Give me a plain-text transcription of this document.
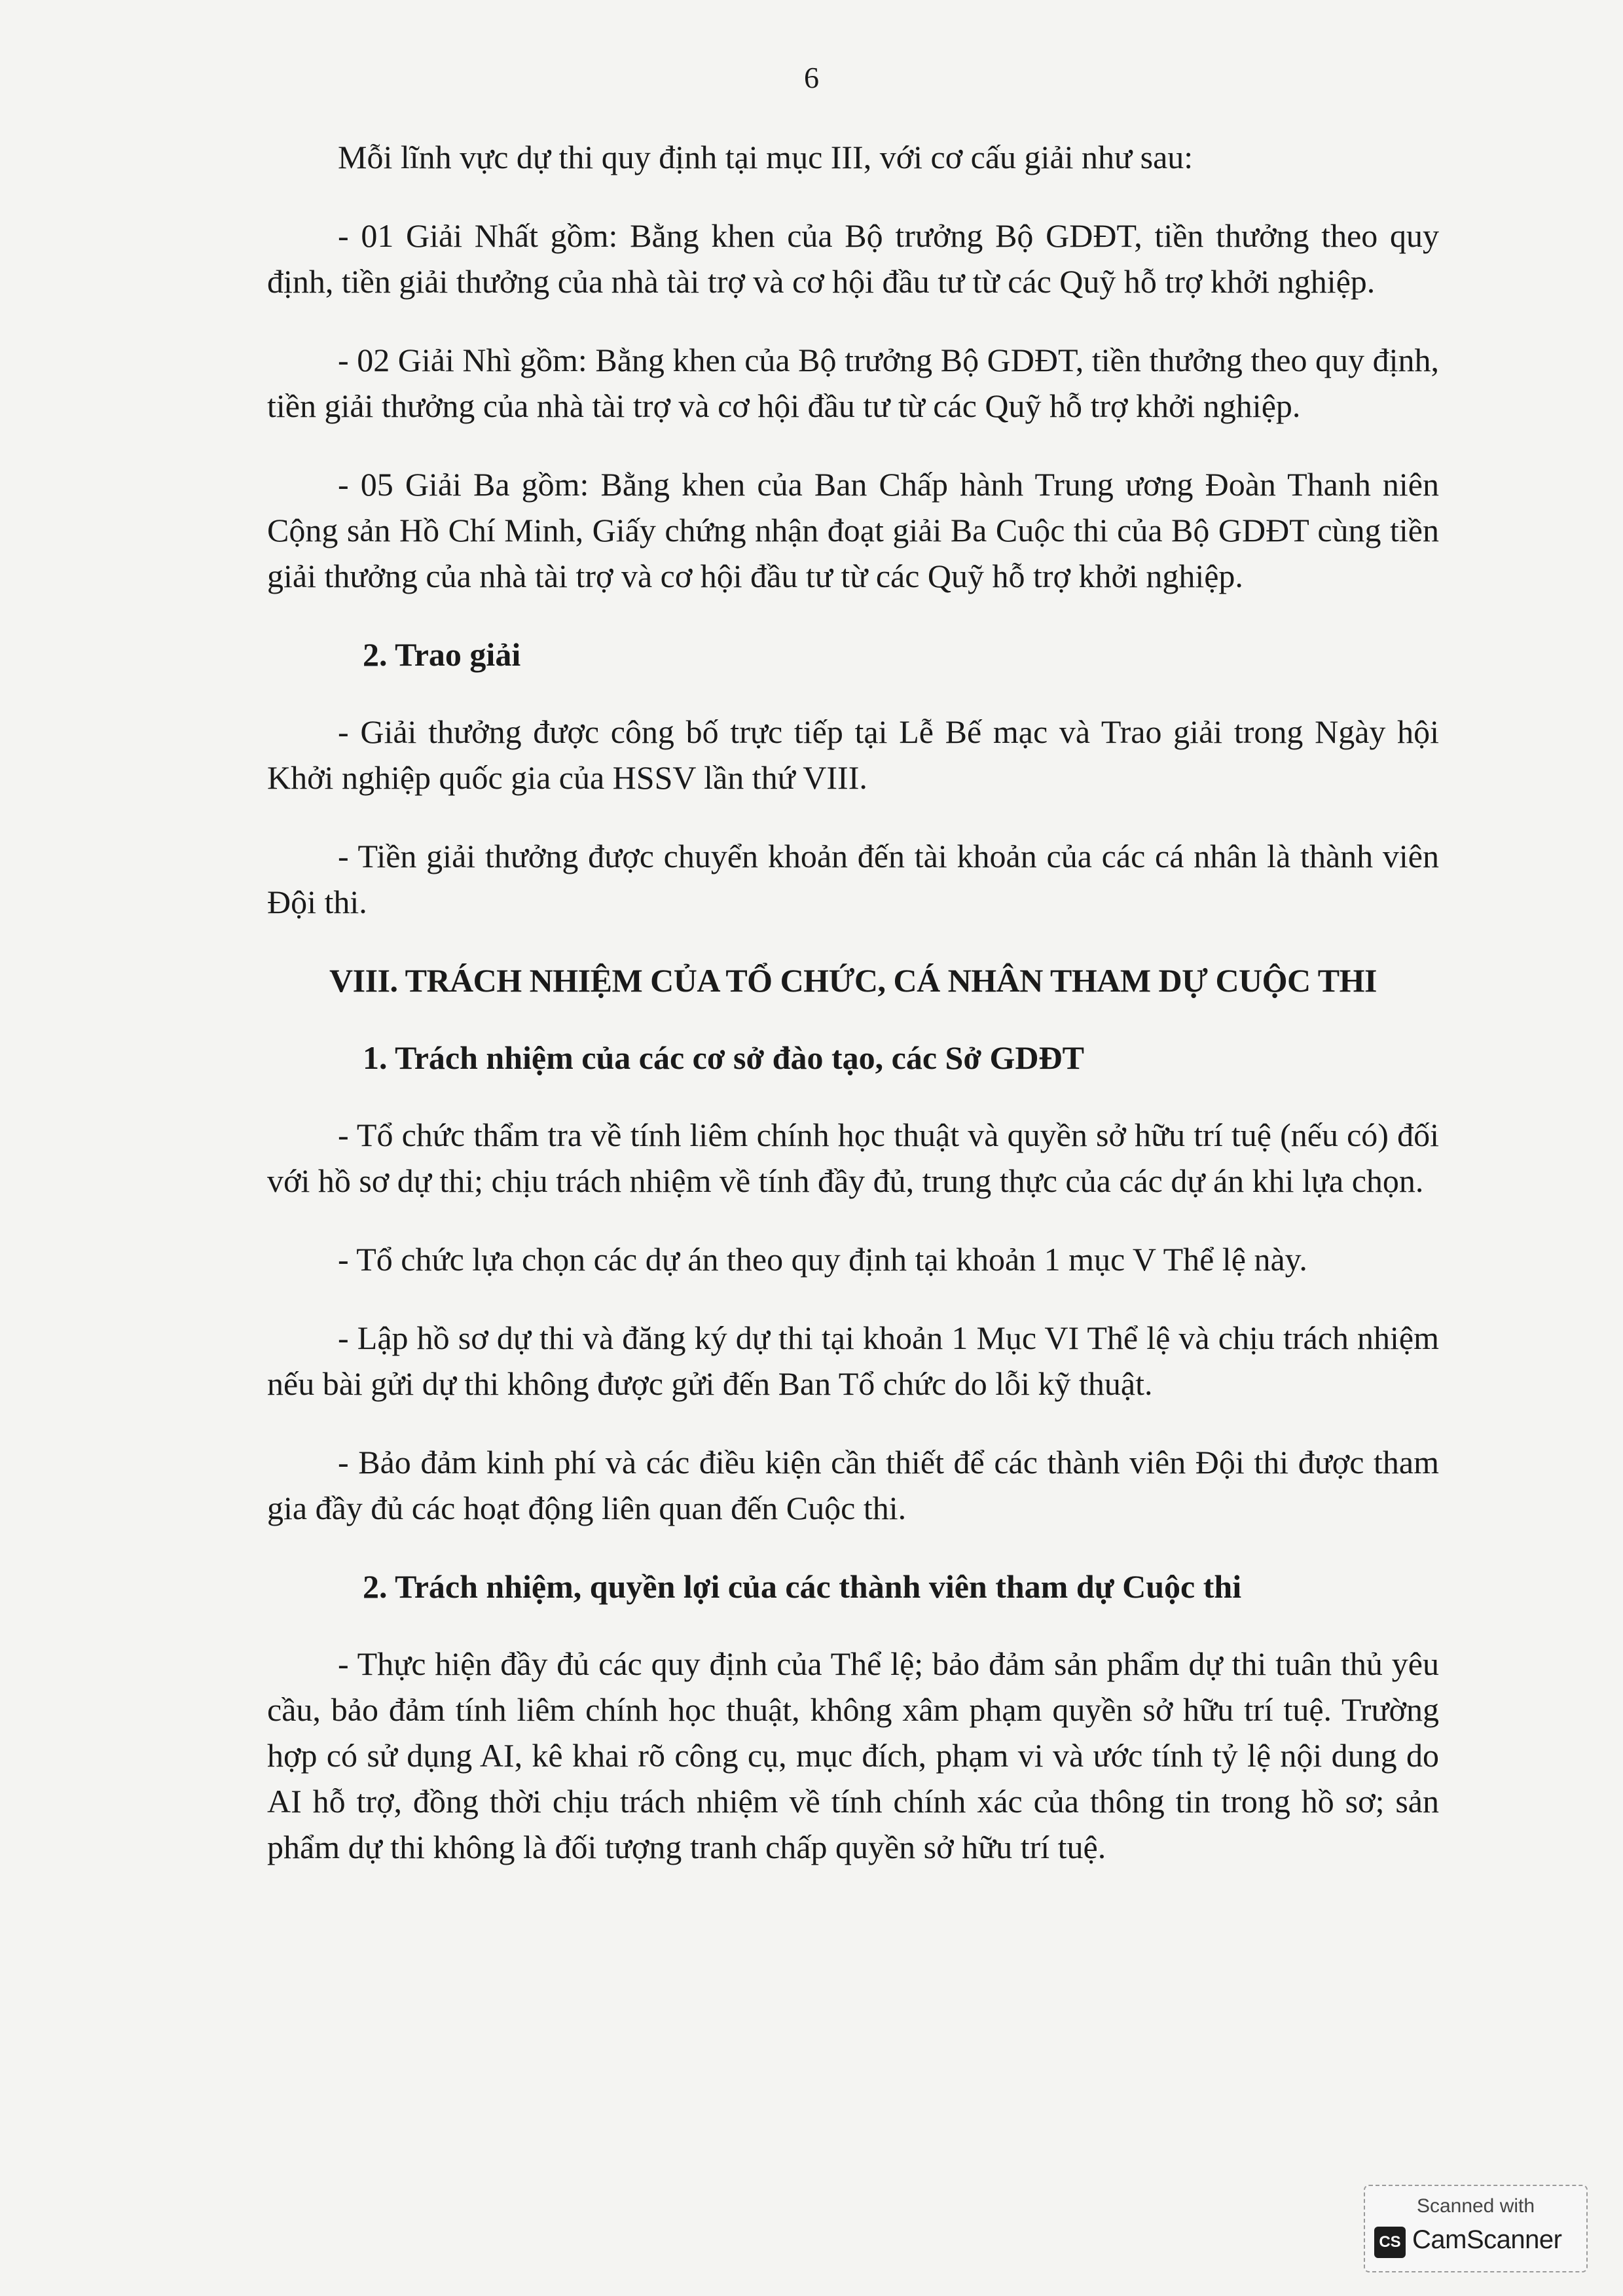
6

Mỗi lĩnh vực dự thi quy định tại mục III, với cơ cấu giải như sau:

- 01 Giải Nhất gồm: Bằng khen của Bộ trưởng Bộ GDĐT, tiền thưởng theo quy định, tiền giải thưởng của nhà tài trợ và cơ hội đầu tư từ các Quỹ hỗ trợ khởi nghiệp.

- 02 Giải Nhì gồm: Bằng khen của Bộ trưởng Bộ GDĐT, tiền thưởng theo quy định, tiền giải thưởng của nhà tài trợ và cơ hội đầu tư từ các Quỹ hỗ trợ khởi nghiệp.

- 05 Giải Ba gồm: Bằng khen của Ban Chấp hành Trung ương Đoàn Thanh niên Cộng sản Hồ Chí Minh, Giấy chứng nhận đoạt giải Ba Cuộc thi của Bộ GDĐT cùng tiền giải thưởng của nhà tài trợ và cơ hội đầu tư từ các Quỹ hỗ trợ khởi nghiệp.

2. Trao giải

- Giải thưởng được công bố trực tiếp tại Lễ Bế mạc và Trao giải trong Ngày hội Khởi nghiệp quốc gia của HSSV lần thứ VIII.

- Tiền giải thưởng được chuyển khoản đến tài khoản của các cá nhân là thành viên Đội thi.

VIII. TRÁCH NHIỆM CỦA TỔ CHỨC, CÁ NHÂN THAM DỰ CUỘC THI

1. Trách nhiệm của các cơ sở đào tạo, các Sở GDĐT

- Tổ chức thẩm tra về tính liêm chính học thuật và quyền sở hữu trí tuệ (nếu có) đối với hồ sơ dự thi; chịu trách nhiệm về tính đầy đủ, trung thực của các dự án khi lựa chọn.

- Tổ chức lựa chọn các dự án theo quy định tại khoản 1 mục V Thể lệ này.

- Lập hồ sơ dự thi và đăng ký dự thi tại khoản 1 Mục VI Thể lệ và chịu trách nhiệm nếu bài gửi dự thi không được gửi đến Ban Tổ chức do lỗi kỹ thuật.

- Bảo đảm kinh phí và các điều kiện cần thiết để các thành viên Đội thi được tham gia đầy đủ các hoạt động liên quan đến Cuộc thi.

2. Trách nhiệm, quyền lợi của các thành viên tham dự Cuộc thi

- Thực hiện đầy đủ các quy định của Thể lệ; bảo đảm sản phẩm dự thi tuân thủ yêu cầu, bảo đảm tính liêm chính học thuật, không xâm phạm quyền sở hữu trí tuệ. Trường hợp có sử dụng AI, kê khai rõ công cụ, mục đích, phạm vi và ước tính tỷ lệ nội dung do AI hỗ trợ, đồng thời chịu trách nhiệm về tính chính xác của thông tin trong hồ sơ; sản phẩm dự thi không là đối tượng tranh chấp quyền sở hữu trí tuệ.

Scanned with
CS CamScanner
